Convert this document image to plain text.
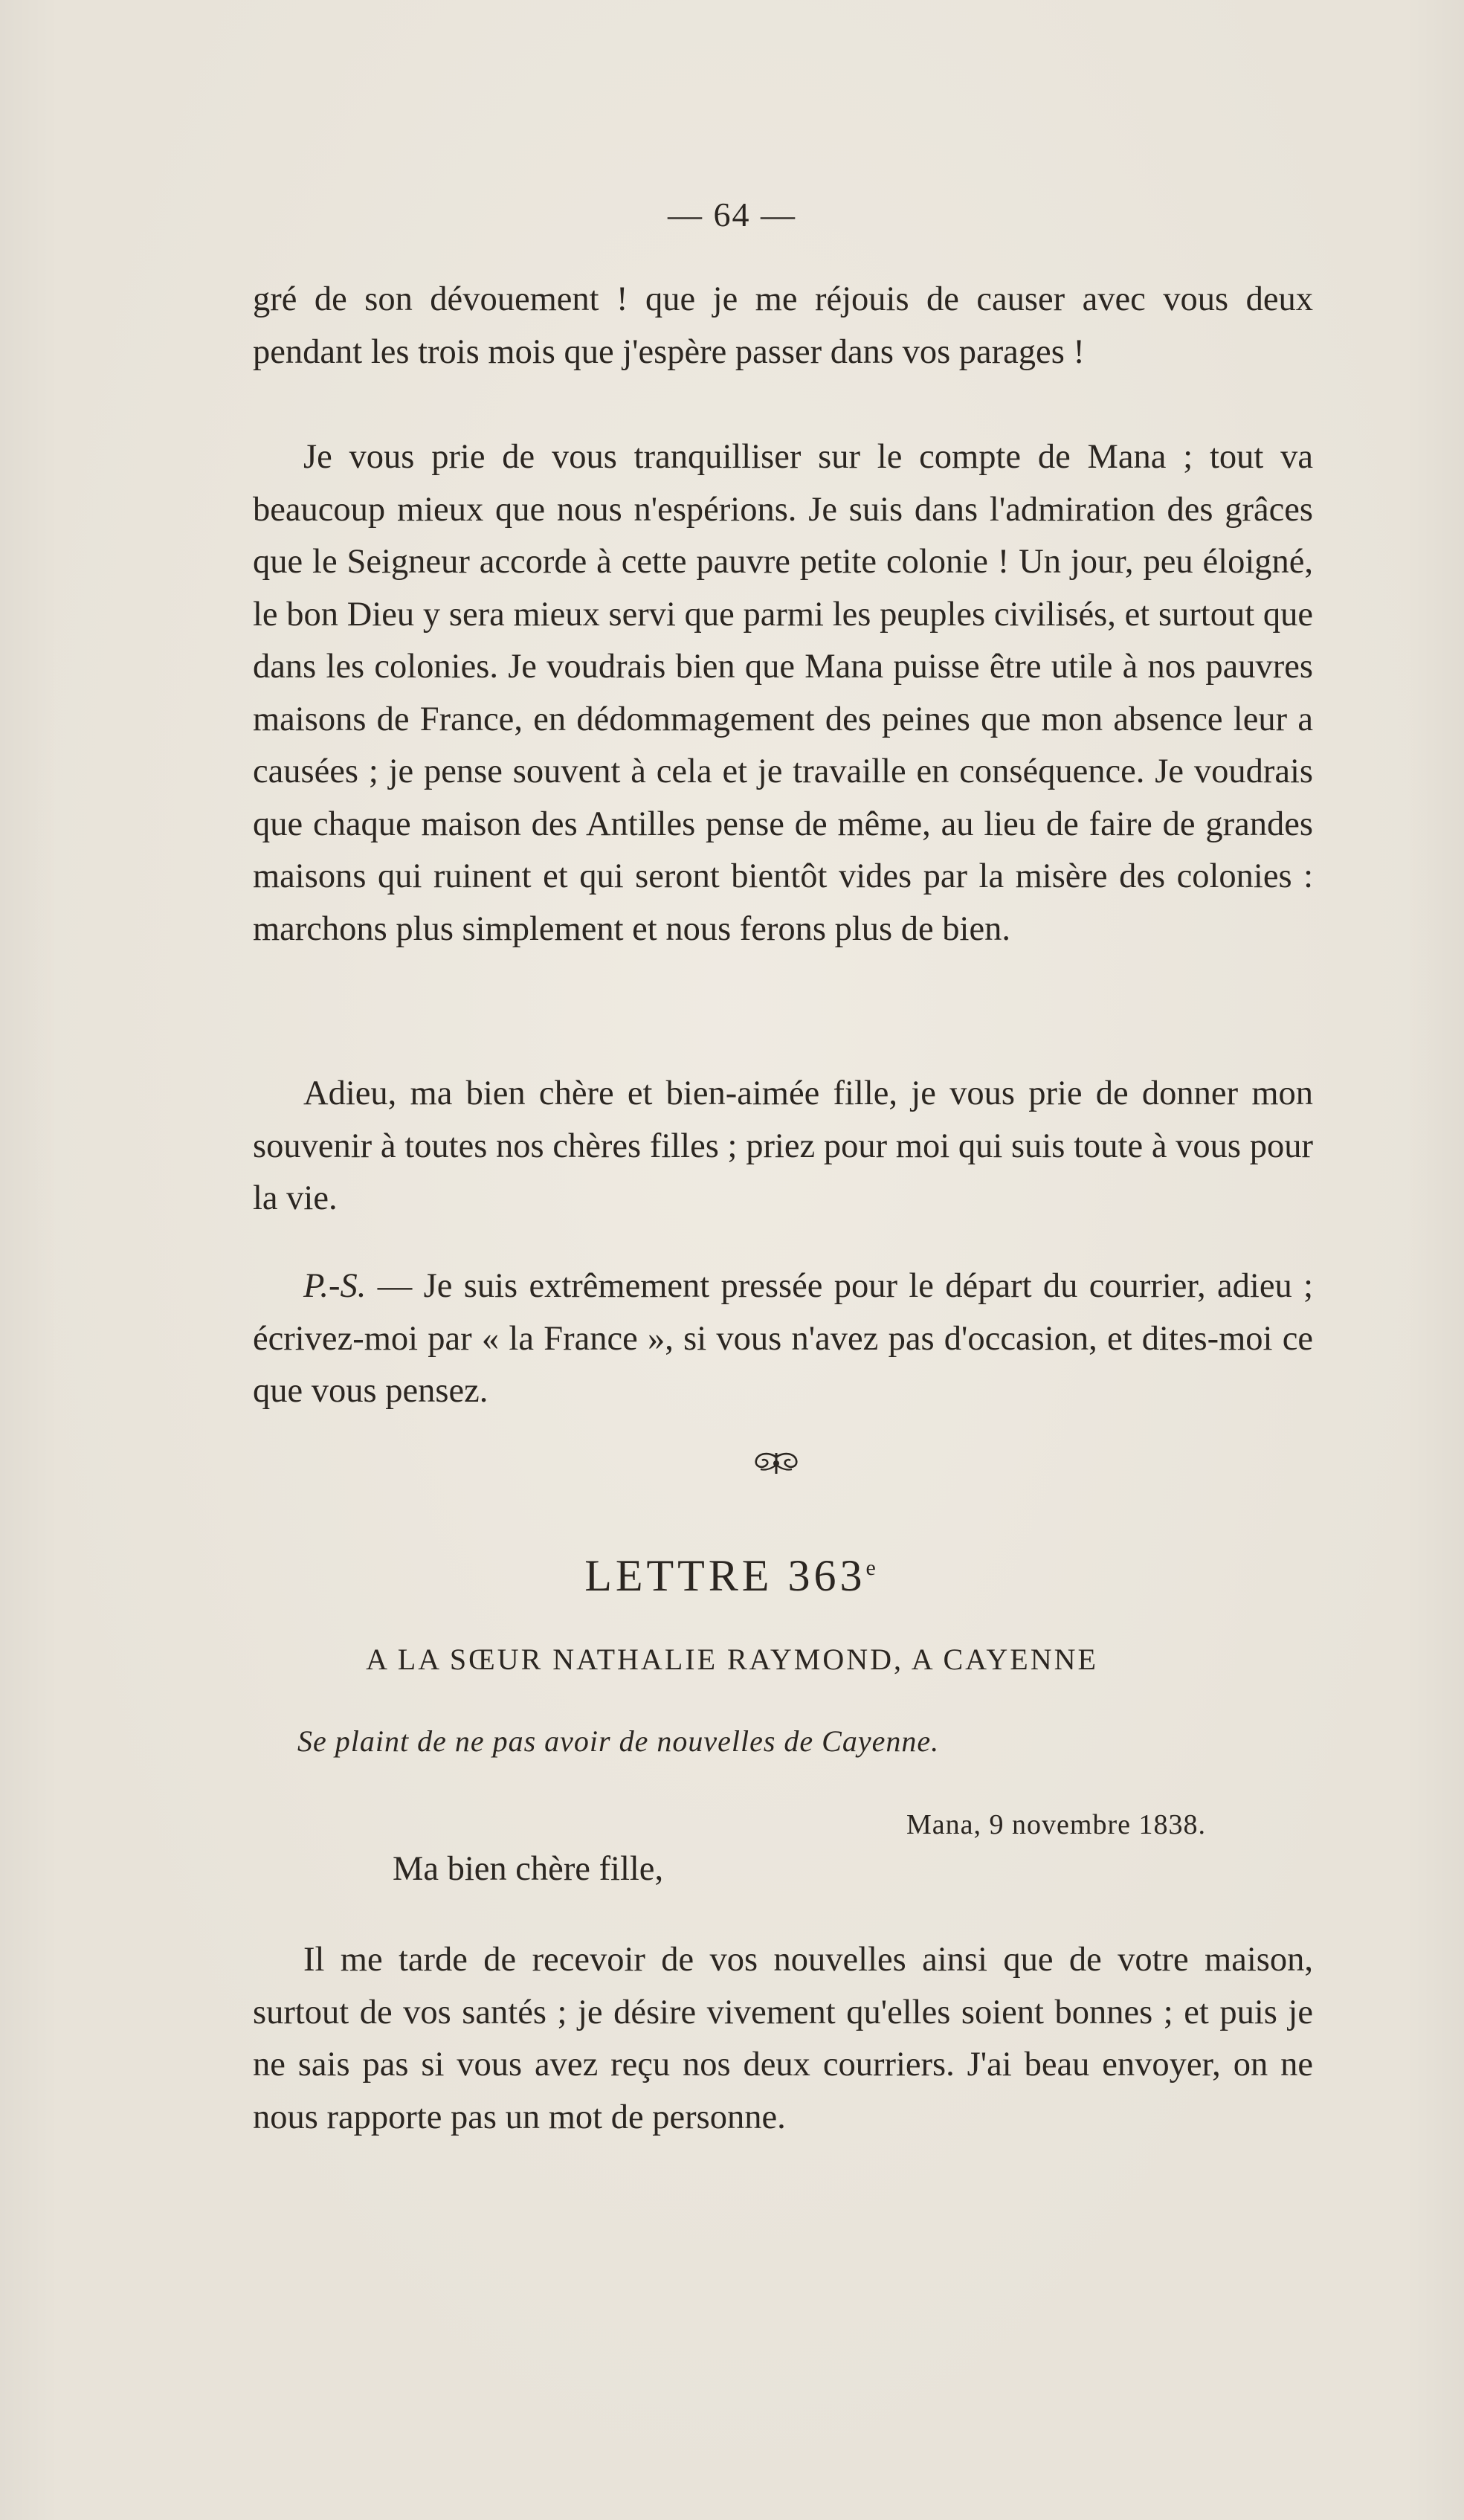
— 64 —

gré de son dévouement ! que je me réjouis de causer avec vous deux pendant les trois mois que j'espère passer dans vos parages !

Je vous prie de vous tranquilliser sur le compte de Mana ; tout va beaucoup mieux que nous n'espérions. Je suis dans l'admiration des grâces que le Seigneur accorde à cette pauvre petite colonie ! Un jour, peu éloigné, le bon Dieu y sera mieux servi que parmi les peuples civilisés, et surtout que dans les colonies. Je voudrais bien que Mana puisse être utile à nos pauvres maisons de France, en dédommagement des peines que mon absence leur a causées ; je pense souvent à cela et je travaille en conséquence. Je voudrais que chaque maison des Antilles pense de même, au lieu de faire de grandes maisons qui ruinent et qui seront bientôt vides par la misère des colonies : marchons plus simplement et nous ferons plus de bien.

Adieu, ma bien chère et bien-aimée fille, je vous prie de donner mon souvenir à toutes nos chères filles ; priez pour moi qui suis toute à vous pour la vie.

P.-S. — Je suis extrêmement pressée pour le départ du courrier, adieu ; écrivez-moi par « la France », si vous n'avez pas d'occasion, et dites-moi ce que vous pensez.

LETTRE 363e
A LA SŒUR NATHALIE RAYMOND, A CAYENNE
Se plaint de ne pas avoir de nouvelles de Cayenne.
Mana, 9 novembre 1838.
Ma bien chère fille,

Il me tarde de recevoir de vos nouvelles ainsi que de votre maison, surtout de vos santés ; je désire vivement qu'elles soient bonnes ; et puis je ne sais pas si vous avez reçu nos deux courriers. J'ai beau envoyer, on ne nous rapporte pas un mot de personne.
